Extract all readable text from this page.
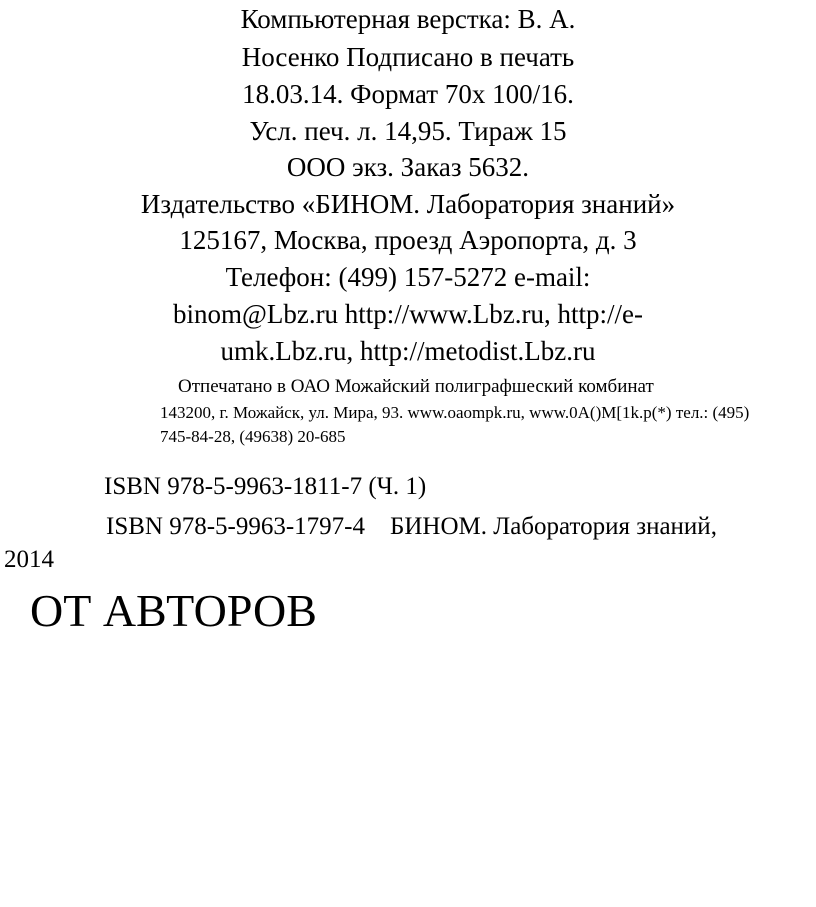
Компьютерная верстка: В. А.
Носенко Подписано в печать
18.03.14. Формат 70х 100/16.
Усл. печ. л. 14,95. Тираж 15
ООО экз. Заказ 5632.
Издательство «БИНОМ. Лаборатория знаний»
125167, Москва, проезд Аэропорта, д. 3
Телефон: (499) 157-5272 e-mail:
binom@Lbz.ru http://www.Lbz.ru, http://e-
umk.Lbz.ru, http://metodist.Lbz.ru
Отпечатано в ОАО Можайский полиграфшеский комбинат
143200, г. Можайск, ул. Мира, 93. www.oaompk.ru, www.0A()M[1k.p(*) тел.: (495)
745-84-28, (49638) 20-685
ISBN 978-5-9963-1811-7 (Ч. 1)
ISBN 978-5-9963-1797-4    БИНОМ. Лаборатория знаний,
2014
ОТ АВТОРОВ
